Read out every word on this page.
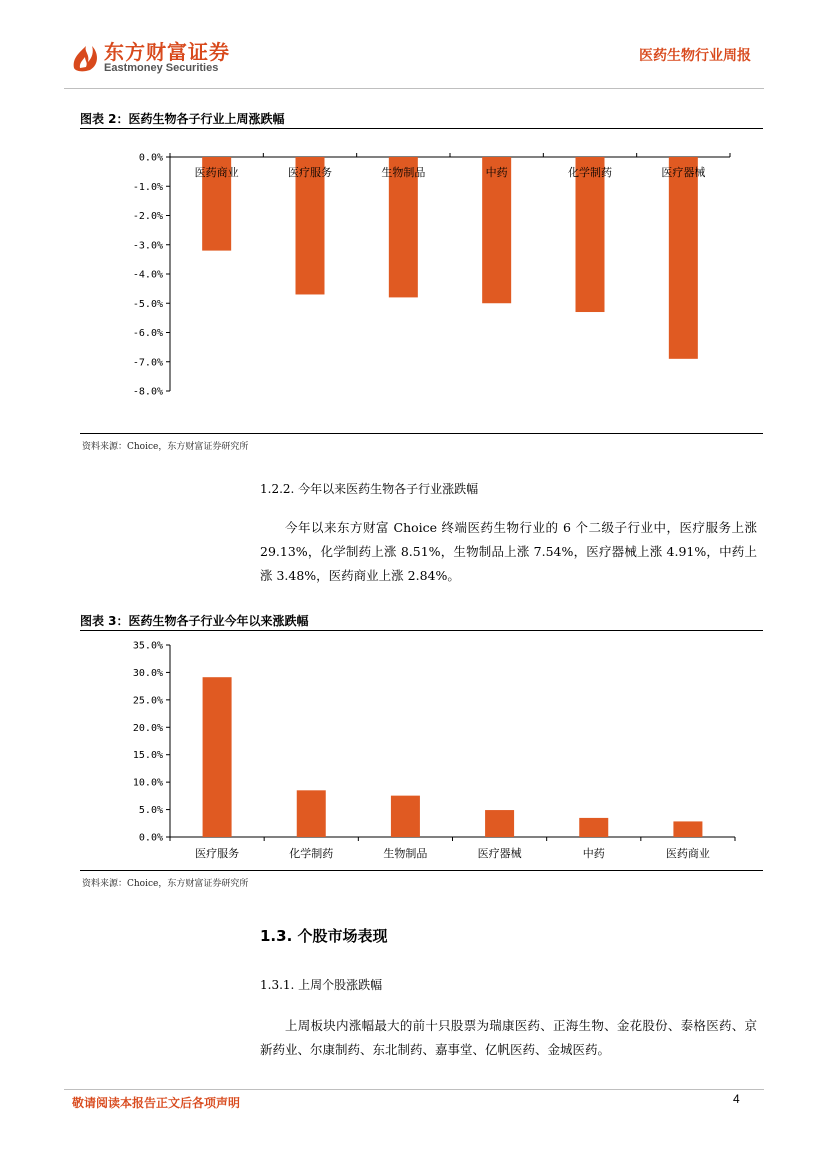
东方财富证券
Eastmoney Securities
医药生物行业周报
图表 2：医药生物各子行业上周涨跌幅
0.0%
-1.0%
-2.0%
-3.0%
-4.0%
-5.0%
-6.0%
-7.0%
-8.0%
医药商业	医疗服务	生物制品	中药	化学制药	医疗器械
资料来源：Choice，东方财富证券研究所
1.2.2. 今年以来医药生物各子行业涨跌幅
今年以来东方财富 Choice 终端医药生物行业的 6 个二级子行业中，医疗服务上涨 29.13%，化学制药上涨 8.51%，生物制品上涨 7.54%，医疗器械上涨 4.91%，中药上涨 3.48%，医药商业上涨 2.84%。
图表 3：医药生物各子行业今年以来涨跌幅
35.0%
30.0%
25.0%
20.0%
15.0%
10.0%
5.0%
0.0%
医疗服务	化学制药	生物制品	医疗器械	中药	医药商业
资料来源：Choice，东方财富证券研究所
1.3. 个股市场表现
1.3.1. 上周个股涨跌幅
上周板块内涨幅最大的前十只股票为瑞康医药、正海生物、金花股份、泰格医药、京新药业、尔康制药、东北制药、嘉事堂、亿帆医药、金城医药。
敬请阅读本报告正文后各项声明	4
